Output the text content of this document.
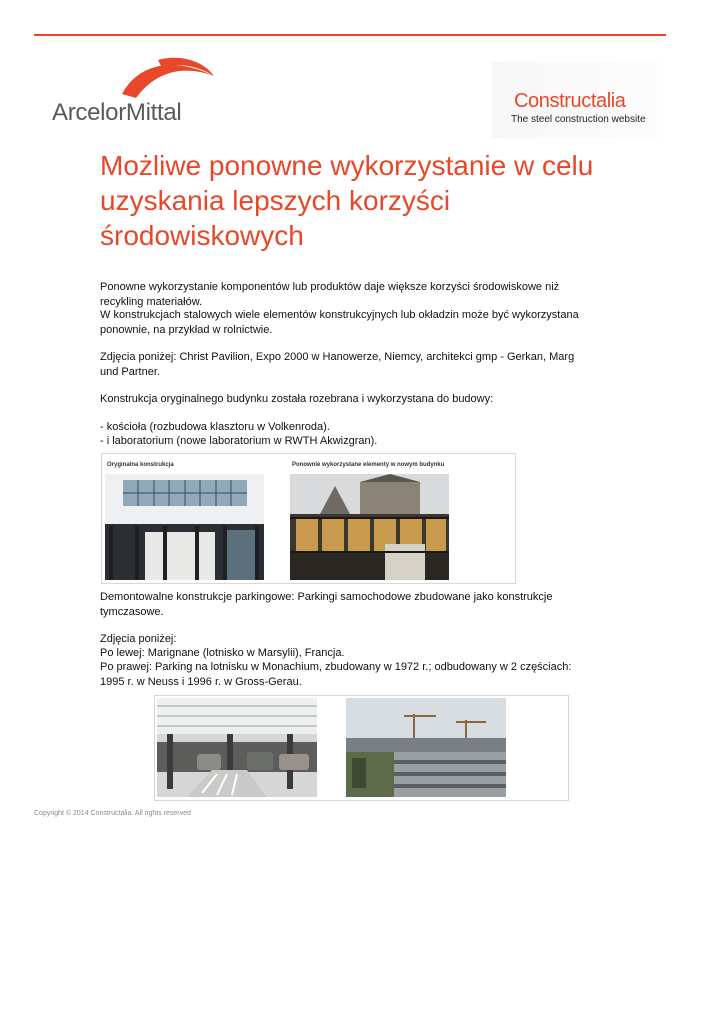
ArcelorMittal	Constructalia
The steel construction website
Możliwe ponowne wykorzystanie w celu uzyskania lepszych korzyści środowiskowych

Ponowne wykorzystanie komponentów lub produktów daje większe korzyści środowiskowe niż recykling materiałów.

W konstrukcjach stalowych wiele elementów konstrukcyjnych lub okładzin może być wykorzystana ponownie, na przykład w rolnictwie.

Zdjęcia poniżej: Christ Pavilion, Expo 2000 w Hanowerze, Niemcy, architekci gmp - Gerkan, Marg und Partner.

Konstrukcja oryginalnego budynku została rozebrana i wykorzystana do budowy:

- kościoła (rozbudowa klasztoru w Volkenroda).

- i laboratorium (nowe laboratorium w RWTH Akwizgran).

Oryginalna konstrukcja	Ponownie wykorzystane elementy w nowym budynku

Demontowalne konstrukcje parkingowe: Parkingi samochodowe zbudowane jako konstrukcje tymczasowe.

Zdjęcia poniżej:

Po lewej: Marignane (lotnisko w Marsylii), Francja.

Po prawej: Parking na lotnisku w Monachium, zbudowany w 1972 r.; odbudowany w 2 częściach: 1995 r. w Neuss i 1996 r. w Gross-Gerau.

Copyright © 2014 Constructalia. All rights reserved
